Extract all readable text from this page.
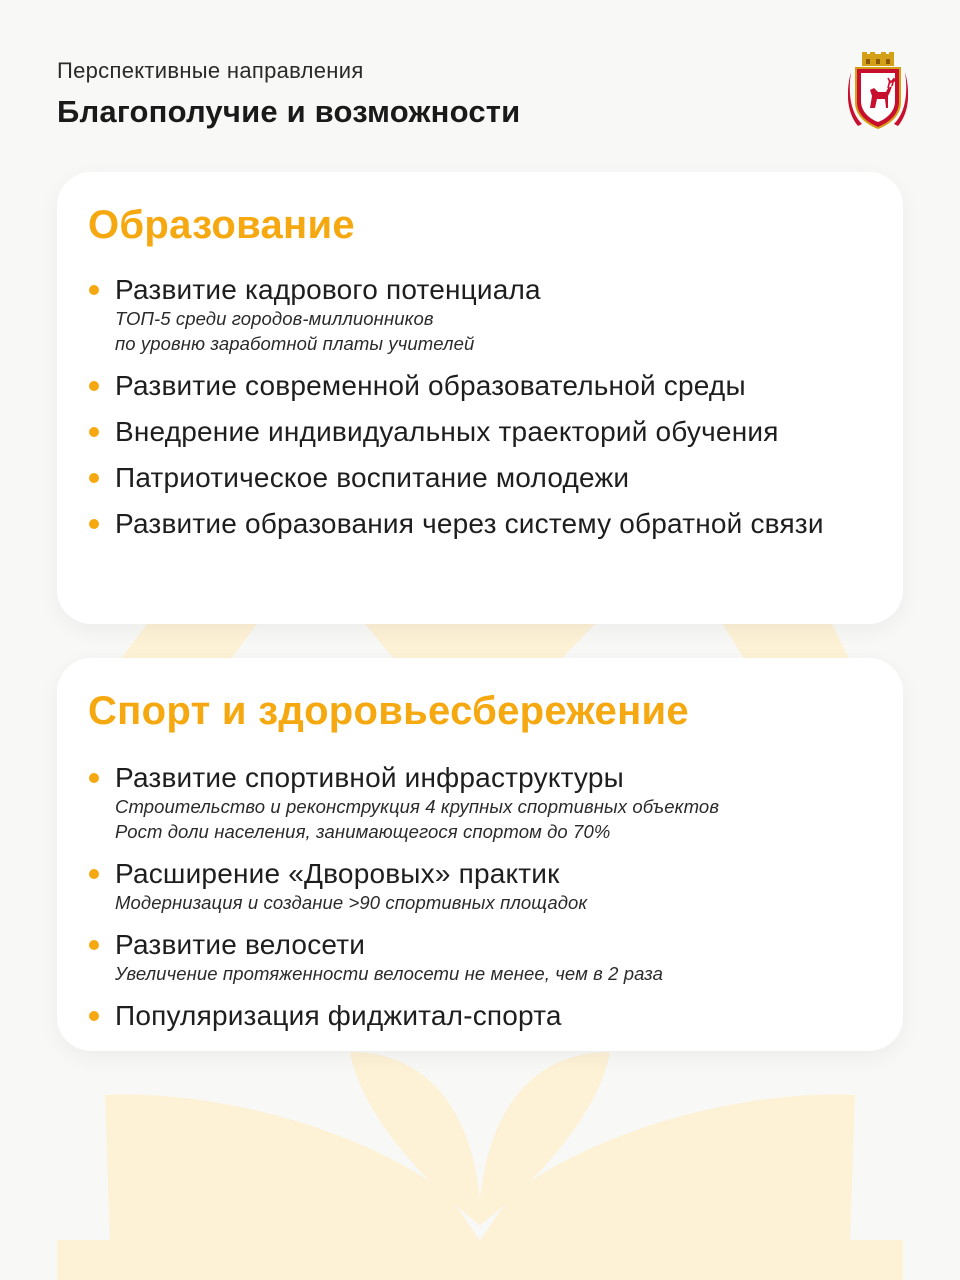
Перспективные направления
Благополучие и возможности
Образование
Развитие кадрового потенциала
ТОП-5 среди городов-миллионников
по уровню заработной платы учителей
Развитие современной образовательной среды
Внедрение индивидуальных траекторий обучения
Патриотическое воспитание молодежи
Развитие образования через систему обратной связи
Спорт и здоровьесбережение
Развитие спортивной инфраструктуры
Строительство и реконструкция 4 крупных спортивных объектов
Рост доли населения, занимающегося спортом до 70%
Расширение «Дворовых» практик
Модернизация и создание >90 спортивных площадок
Развитие велосети
Увеличение протяженности велосети не менее, чем в 2 раза
Популяризация фиджитал-спорта
